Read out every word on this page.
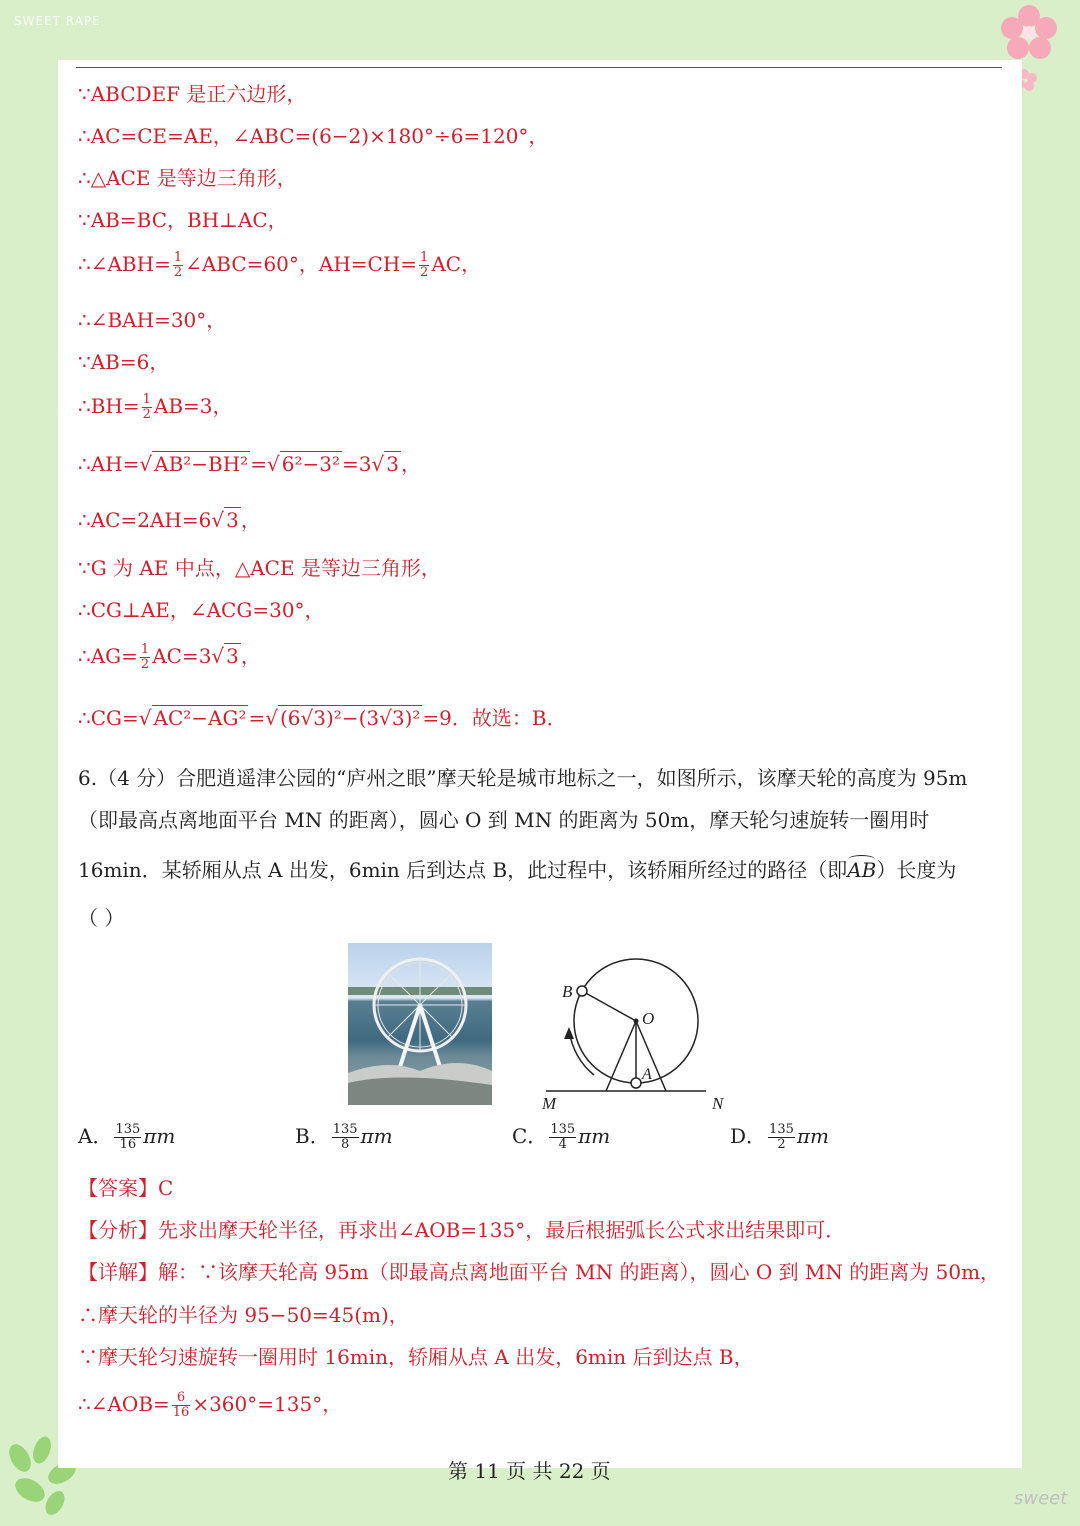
SWEET RAPE
sweet
∵ABCDEF 是正六边形，
∴AC=CE=AE，∠ABC=(6−2)×180°÷6=120°，
∴△ACE 是等边三角形，
∵AB=BC，BH⊥AC，
∴∠ABH= $\frac{1}{2}$ ∠ABC=60°，$AH=CH= \frac{1}{2}$ AC，
∴∠BAH=30°，
∵AB=6，
∴BH= $\frac{1}{2} AB=3$，
∴AH=√ AB²−BH² =√ 6²−3² =3√ 3 ，
∴AC=2AH=6√ 3 ，
∵G 为 AE 中点，△ACE 是等边三角形，
∴CG⊥AE，∠ACG=30°，
∴AG= $\frac{1}{2} AC=3√$ 3 ，
∴CG=√ AC²−AG² =√ (6√3)²−(3√3)² =9．故选：B．
6.（4 分）合肥逍遥津公园的“庐州之眼”摩天轮是城市地标之一，如图所示，该摩天轮的高度为 95m
（即最高点离地面平台 MN 的距离），圆心 O 到 MN 的距离为 50m，摩天轮匀速旋转一圈用时
16min．某轿厢从点 A 出发，6min 后到达点 B，此过程中，该轿厢所经过的路径（即AB
）长度为
（ ）
B
O
A
M	N
A． $\frac{135}{16}$ πm	B． $\frac{135}{8}$ πm	C． $\frac{135}{4}$ πm	D． $\frac{135}{2}$ πm
【答案】C
【分析】先求出摩天轮半径，再求出∠AOB=135°，最后根据弧长公式求出结果即可．
【详解】解：∵该摩天轮高 95m（即最高点离地面平台 MN 的距离），圆心 O 到 MN 的距离为 50m，
∴摩天轮的半径为 95−50=45(m)，
∵摩天轮匀速旋转一圈用时 16min，轿厢从点 A 出发，6min 后到达点 B，
∴∠AOB= $\frac{6}{16} \times 360^\circ=135^\circ$，
第 11 页 共 22 页
